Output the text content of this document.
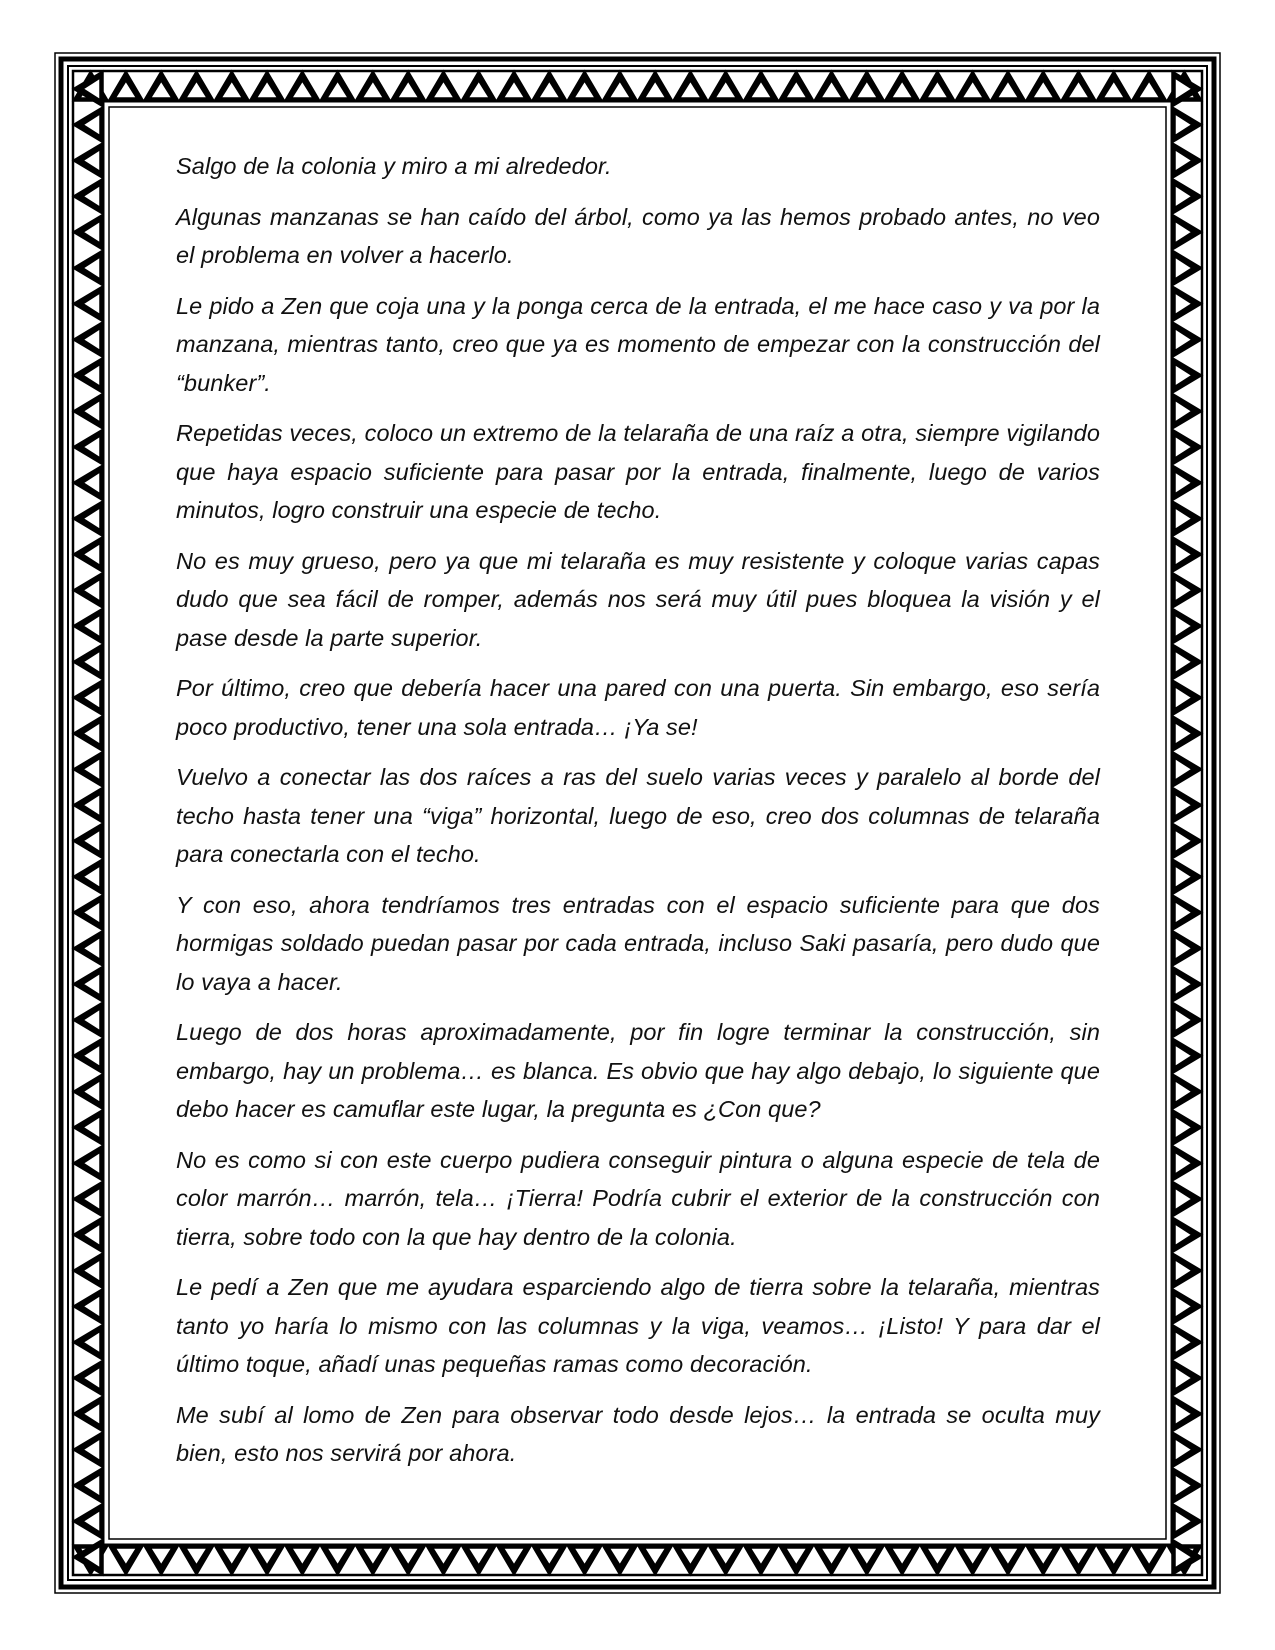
Salgo de la colonia y miro a mi alrededor.

Algunas manzanas se han caído del árbol, como ya las hemos probado antes, no veo el problema en volver a hacerlo.

Le pido a Zen que coja una y la ponga cerca de la entrada, el me hace caso y va por la manzana, mientras tanto, creo que ya es momento de empezar con la construcción del “bunker”.

Repetidas veces, coloco un extremo de la telaraña de una raíz a otra, siempre vigilando que haya espacio suficiente para pasar por la entrada, finalmente, luego de varios minutos, logro construir una especie de techo.

No es muy grueso, pero ya que mi telaraña es muy resistente y coloque varias capas dudo que sea fácil de romper, además nos será muy útil pues bloquea la visión y el pase desde la parte superior.

Por último, creo que debería hacer una pared con una puerta. Sin embargo, eso sería poco productivo, tener una sola entrada… ¡Ya se!

Vuelvo a conectar las dos raíces a ras del suelo varias veces y paralelo al borde del techo hasta tener una “viga” horizontal, luego de eso, creo dos columnas de telaraña para conectarla con el techo.

Y con eso, ahora tendríamos tres entradas con el espacio suficiente para que dos hormigas soldado puedan pasar por cada entrada, incluso Saki pasaría, pero dudo que lo vaya a hacer.

Luego de dos horas aproximadamente, por fin logre terminar la construcción, sin embargo, hay un problema… es blanca. Es obvio que hay algo debajo, lo siguiente que debo hacer es camuflar este lugar, la pregunta es ¿Con que?

No es como si con este cuerpo pudiera conseguir pintura o alguna especie de tela de color marrón… marrón, tela… ¡Tierra! Podría cubrir el exterior de la construcción con tierra, sobre todo con la que hay dentro de la colonia.

Le pedí a Zen que me ayudara esparciendo algo de tierra sobre la telaraña, mientras tanto yo haría lo mismo con las columnas y la viga, veamos… ¡Listo! Y para dar el último toque, añadí unas pequeñas ramas como decoración.

Me subí al lomo de Zen para observar todo desde lejos… la entrada se oculta muy bien, esto nos servirá por ahora.
